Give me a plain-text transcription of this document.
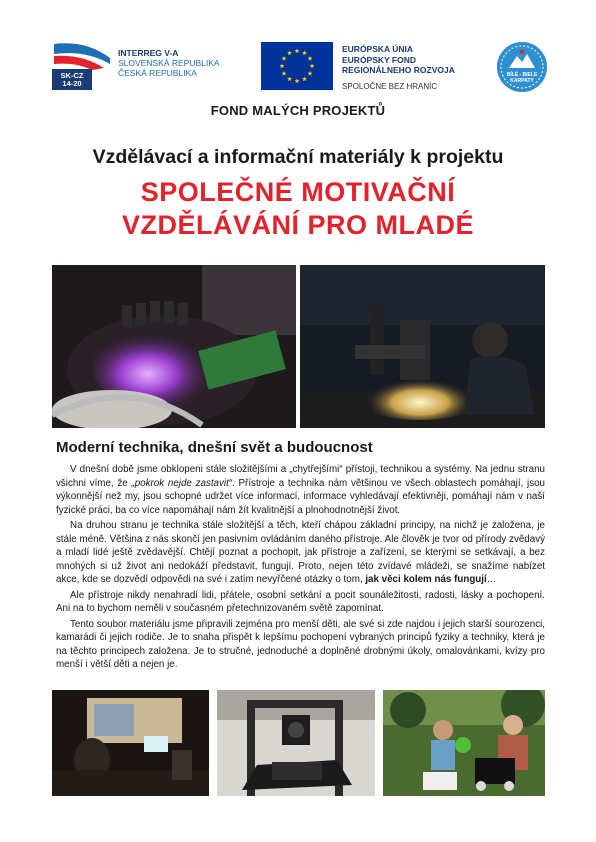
SK-CZ
14-20
INTERREG V-A
SLOVENSKÁ REPUBLIKA
ČESKÁ REPUBLIKA
EURÓPSKA ÚNIA
EURÓPSKY FOND
REGIONÁLNEHO ROZVOJA
SPOLOČNE BEZ HRANÍC
BÍLÉ - BIELE
KARPATY
FOND MALÝCH PROJEKTŮ
Vzdělávací a informační materiály k projektu
SPOLEČNÉ MOTIVAČNÍ
VZDĚLÁVÁNÍ PRO MLADÉ
Moderní technika, dnešní svět a budoucnost

V dnešní době jsme obklopeni stále složitějšími a „chytřejšími“ přístoji, technikou a systémy. Na jednu stranu všichni víme, že „pokrok nejde zastavit“. Přístroje a technika nám většinou ve všech oblastech pomáhají, jsou výkonnější než my, jsou schopné udržet více informací, informace vyhledávají efektivněji, pomáhají nám v naší fyzické práci, ba co více napomáhají nám žít kvalitnější a plnohodnotnější život.

Na druhou stranu je technika stále složitější a těch, kteří chápou základní principy, na nichž je založena, je stále méně. Většina z nás skončí jen pasivním ovládáním daného přístroje. Ale člověk je tvor od přírody zvědavý a mladí lidé ještě zvědavější. Chtějí poznat a pochopit, jak přístroje a zařízení, se kterými se setkávají, a bez mnohých si už život ani nedokáží představit, fungují. Proto, nejen této zvídavé mládeži, se snažíme nabízet akce, kde se dozvědí odpovědi na své i zatím nevyřčené otázky o tom, jak věci kolem nás fungují…

Ale přístroje nikdy nenahradí lidi, přátele, osobní setkání a pocit sounáležitosti, radosti, lásky a pochopení. Ani na to bychom neměli v současném přetechnizovaném světě zapomínat.

Tento soubor materiálu jsme připravili zejména pro menší děti, ale své si zde najdou i jejich starší sourozenci, kamarádi či jejich rodiče. Je to snaha přispět k lepšímu pochopení vybraných principů fyziky a techniky, která je na těchto principech založena. Je to stručné, jednoduché a doplněné drobnými úkoly, omalovánkami, kvízy pro menší i větší děti a nejen je.
